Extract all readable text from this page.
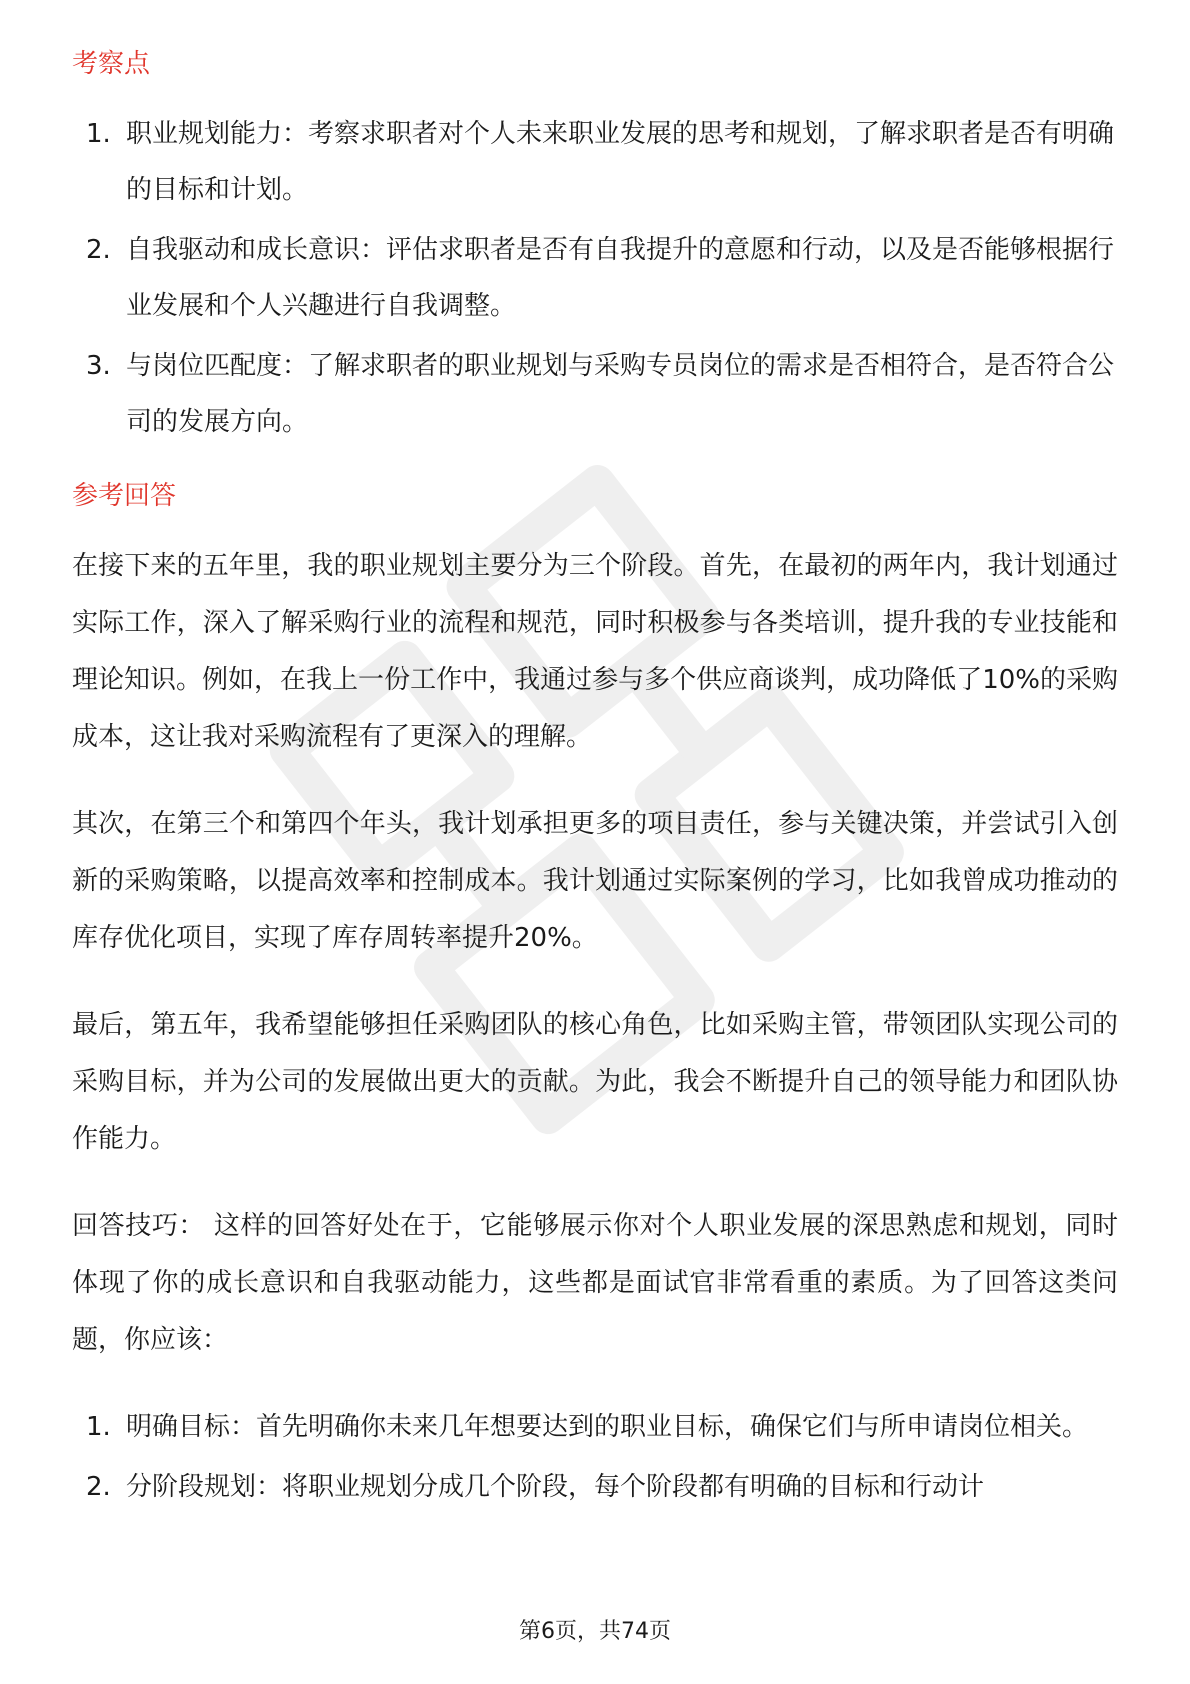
考察点
1. 职业规划能力：考察求职者对个人未来职业发展的思考和规划，了解求职者是否有明确的目标和计划。
2. 自我驱动和成长意识：评估求职者是否有自我提升的意愿和行动，以及是否能够根据行业发展和个人兴趣进行自我调整。
3. 与岗位匹配度：了解求职者的职业规划与采购专员岗位的需求是否相符合，是否符合公司的发展方向。
参考回答

在接下来的五年里，我的职业规划主要分为三个阶段。首先，在最初的两年内，我计划通过实际工作，深入了解采购行业的流程和规范，同时积极参与各类培训，提升我的专业技能和理论知识。例如，在我上一份工作中，我通过参与多个供应商谈判，成功降低了10%的采购成本，这让我对采购流程有了更深入的理解。

其次，在第三个和第四个年头，我计划承担更多的项目责任，参与关键决策，并尝试引入创新的采购策略，以提高效率和控制成本。我计划通过实际案例的学习，比如我曾成功推动的库存优化项目，实现了库存周转率提升20%。

最后，第五年，我希望能够担任采购团队的核心角色，比如采购主管，带领团队实现公司的采购目标，并为公司的发展做出更大的贡献。为此，我会不断提升自己的领导能力和团队协作能力。

回答技巧： 这样的回答好处在于，它能够展示你对个人职业发展的深思熟虑和规划，同时体现了你的成长意识和自我驱动能力，这些都是面试官非常看重的素质。为了回答这类问题，你应该：

1. 明确目标：首先明确你未来几年想要达到的职业目标，确保它们与所申请岗位相关。
2. 分阶段规划：将职业规划分成几个阶段，每个阶段都有明确的目标和行动计
第6页，共74页
